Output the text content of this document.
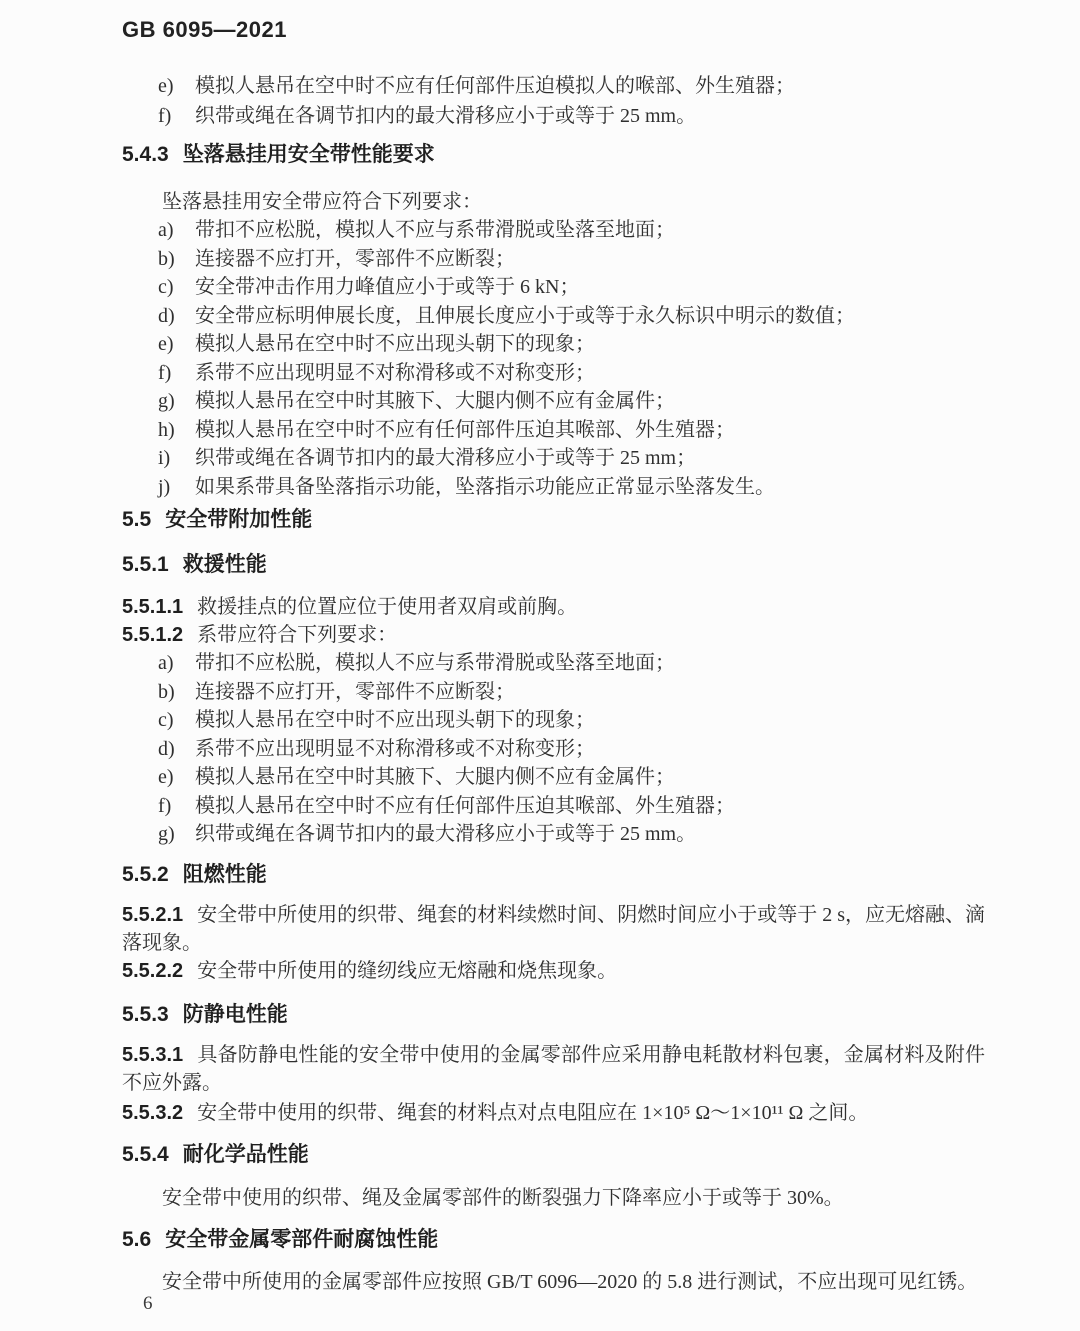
GB 6095—2021
e)	模拟人悬吊在空中时不应有任何部件压迫模拟人的喉部、外生殖器；
f)	织带或绳在各调节扣内的最大滑移应小于或等于 25 mm。
5.4.3 坠落悬挂用安全带性能要求

坠落悬挂用安全带应符合下列要求：

a)	带扣不应松脱，模拟人不应与系带滑脱或坠落至地面；
b)	连接器不应打开，零部件不应断裂；
c)	安全带冲击作用力峰值应小于或等于 6 kN；
d)	安全带应标明伸展长度，且伸展长度应小于或等于永久标识中明示的数值；
e)	模拟人悬吊在空中时不应出现头朝下的现象；
f)	系带不应出现明显不对称滑移或不对称变形；
g)	模拟人悬吊在空中时其腋下、大腿内侧不应有金属件；
h)	模拟人悬吊在空中时不应有任何部件压迫其喉部、外生殖器；
i)	织带或绳在各调节扣内的最大滑移应小于或等于 25 mm；
j)	如果系带具备坠落指示功能，坠落指示功能应正常显示坠落发生。
5.5 安全带附加性能
5.5.1 救援性能

5.5.1.1 救援挂点的位置应位于使用者双肩或前胸。

5.5.1.2 系带应符合下列要求：

a)	带扣不应松脱，模拟人不应与系带滑脱或坠落至地面；
b)	连接器不应打开，零部件不应断裂；
c)	模拟人悬吊在空中时不应出现头朝下的现象；
d)	系带不应出现明显不对称滑移或不对称变形；
e)	模拟人悬吊在空中时其腋下、大腿内侧不应有金属件；
f)	模拟人悬吊在空中时不应有任何部件压迫其喉部、外生殖器；
g)	织带或绳在各调节扣内的最大滑移应小于或等于 25 mm。
5.5.2 阻燃性能

5.5.2.1 安全带中所使用的织带、绳套的材料续燃时间、阴燃时间应小于或等于 2 s，应无熔融、滴落现象。

5.5.2.2 安全带中所使用的缝纫线应无熔融和烧焦现象。

5.5.3 防静电性能

5.5.3.1 具备防静电性能的安全带中使用的金属零部件应采用静电耗散材料包裹，金属材料及附件不应外露。

5.5.3.2 安全带中使用的织带、绳套的材料点对点电阻应在 1×10⁵ Ω～1×10¹¹ Ω 之间。

5.5.4 耐化学品性能

安全带中使用的织带、绳及金属零部件的断裂强力下降率应小于或等于 30%。

5.6 安全带金属零部件耐腐蚀性能

安全带中所使用的金属零部件应按照 GB/T 6096—2020 的 5.8 进行测试，不应出现可见红锈。

6
